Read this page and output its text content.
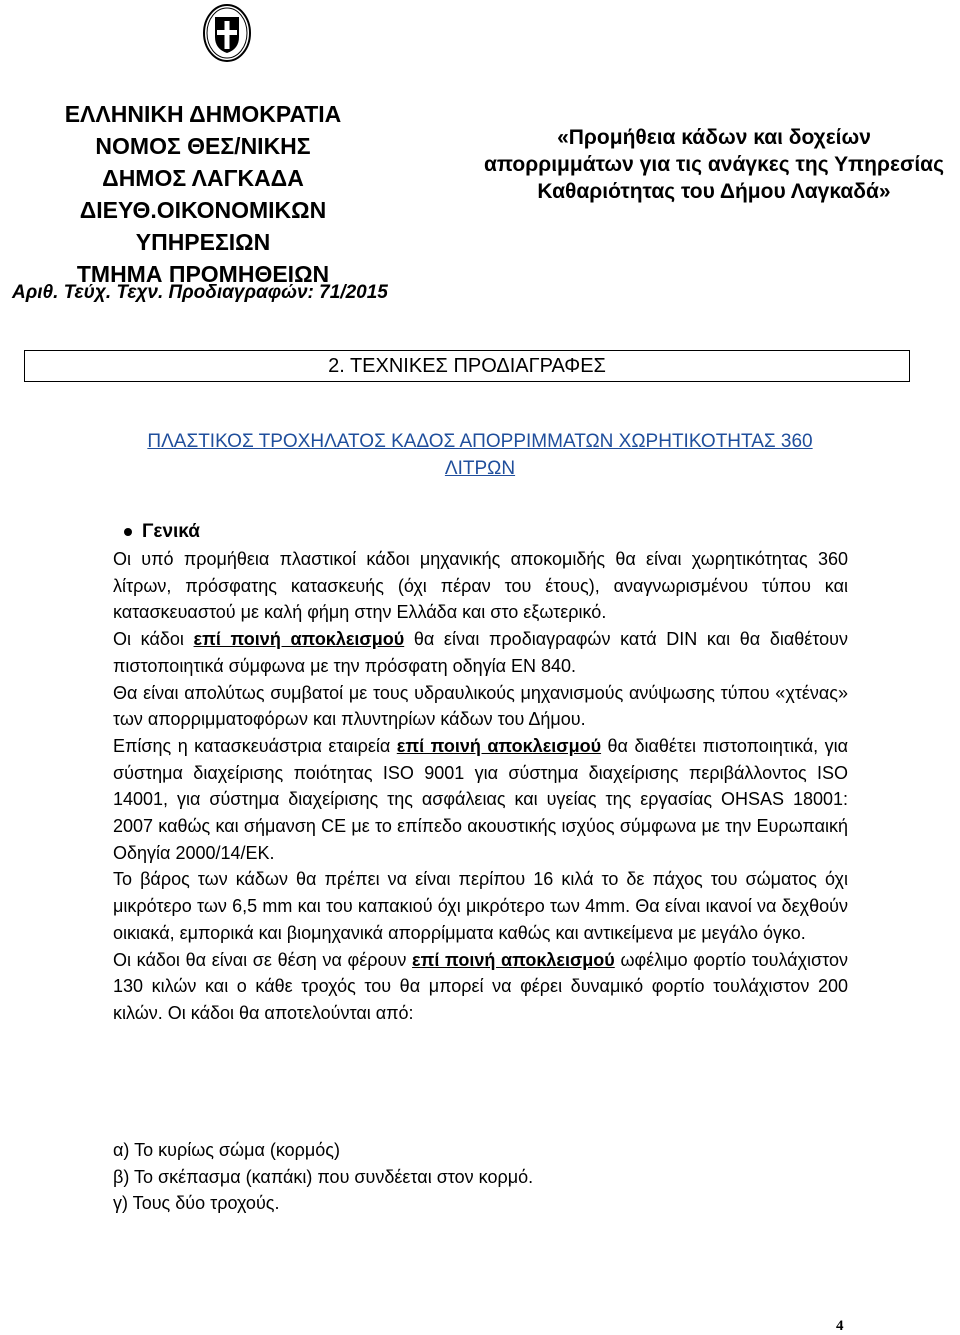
ΕΛΛΗΝΙΚΗ ΔΗΜΟΚΡΑΤΙΑ
ΝΟΜΟΣ ΘΕΣ/ΝΙΚΗΣ
ΔΗΜΟΣ ΛΑΓΚΑΔΑ
ΔΙΕΥΘ.ΟΙΚΟΝΟΜΙΚΩΝ ΥΠΗΡΕΣΙΩΝ
ΤΜΗΜΑ ΠΡΟΜΗΘΕΙΩΝ
«Προμήθεια κάδων και δοχείων
απορριμμάτων για τις ανάγκες της Υπηρεσίας
Καθαριότητας του Δήμου Λαγκαδά»
Αριθ. Τεύχ. Τεχν. Προδιαγραφών: 71/2015
2. ΤΕΧΝΙΚΕΣ ΠΡΟΔΙΑΓΡΑΦΕΣ
ΠΛΑΣΤΙΚΟΣ ΤΡΟΧΗΛΑΤΟΣ ΚΑΔΟΣ ΑΠΟΡΡΙΜΜΑΤΩΝ ΧΩΡΗΤΙΚΟΤΗΤΑΣ 360
ΛΙΤΡΩΝ
Γενικά

Οι υπό προμήθεια πλαστικοί κάδοι μηχανικής αποκομιδής θα είναι χωρητικότητας 360 λίτρων, πρόσφατης κατασκευής (όχι πέραν του έτους), αναγνωρισμένου τύπου και κατασκευαστού με καλή φήμη στην Ελλάδα και στο εξωτερικό.

Οι κάδοι επί ποινή αποκλεισμού θα είναι προδιαγραφών κατά DIN και θα διαθέτουν πιστοποιητικά σύμφωνα με την πρόσφατη οδηγία EN 840.

Θα είναι απολύτως συμβατοί με τους υδραυλικούς μηχανισμούς ανύψωσης τύπου «χτένας» των απορριμματοφόρων και πλυντηρίων κάδων του Δήμου.

Επίσης η κατασκευάστρια εταιρεία επί ποινή αποκλεισμού θα διαθέτει πιστοποιητικά, για σύστημα διαχείρισης ποιότητας ISO 9001 για σύστημα διαχείρισης περιβάλλοντος ISO 14001, για σύστημα διαχείρισης της ασφάλειας και υγείας της εργασίας OHSAS 18001: 2007 καθώς και σήμανση CE με το επίπεδο ακουστικής ισχύος σύμφωνα με την Ευρωπαική Οδηγία 2000/14/ΕΚ.

Το βάρος των κάδων θα πρέπει να είναι περίπου 16 κιλά το δε πάχος του σώματος όχι μικρότερο των 6,5 mm και του καπακιού όχι μικρότερο των 4mm. Θα είναι ικανοί να δεχθούν οικιακά, εμπορικά και βιομηχανικά απορρίμματα καθώς και αντικείμενα με μεγάλο όγκο.

Οι κάδοι θα είναι σε θέση να φέρουν επί ποινή αποκλεισμού ωφέλιμο φορτίο τουλάχιστον 130 κιλών και ο κάθε τροχός του θα μπορεί να φέρει δυναμικό φορτίο τουλάχιστον 200 κιλών. Οι κάδοι θα αποτελούνται από:

α) Το κυρίως σώμα (κορμός)
β) Το σκέπασμα (καπάκι) που συνδέεται στον κορμό.
γ) Τους δύο τροχούς.
4
